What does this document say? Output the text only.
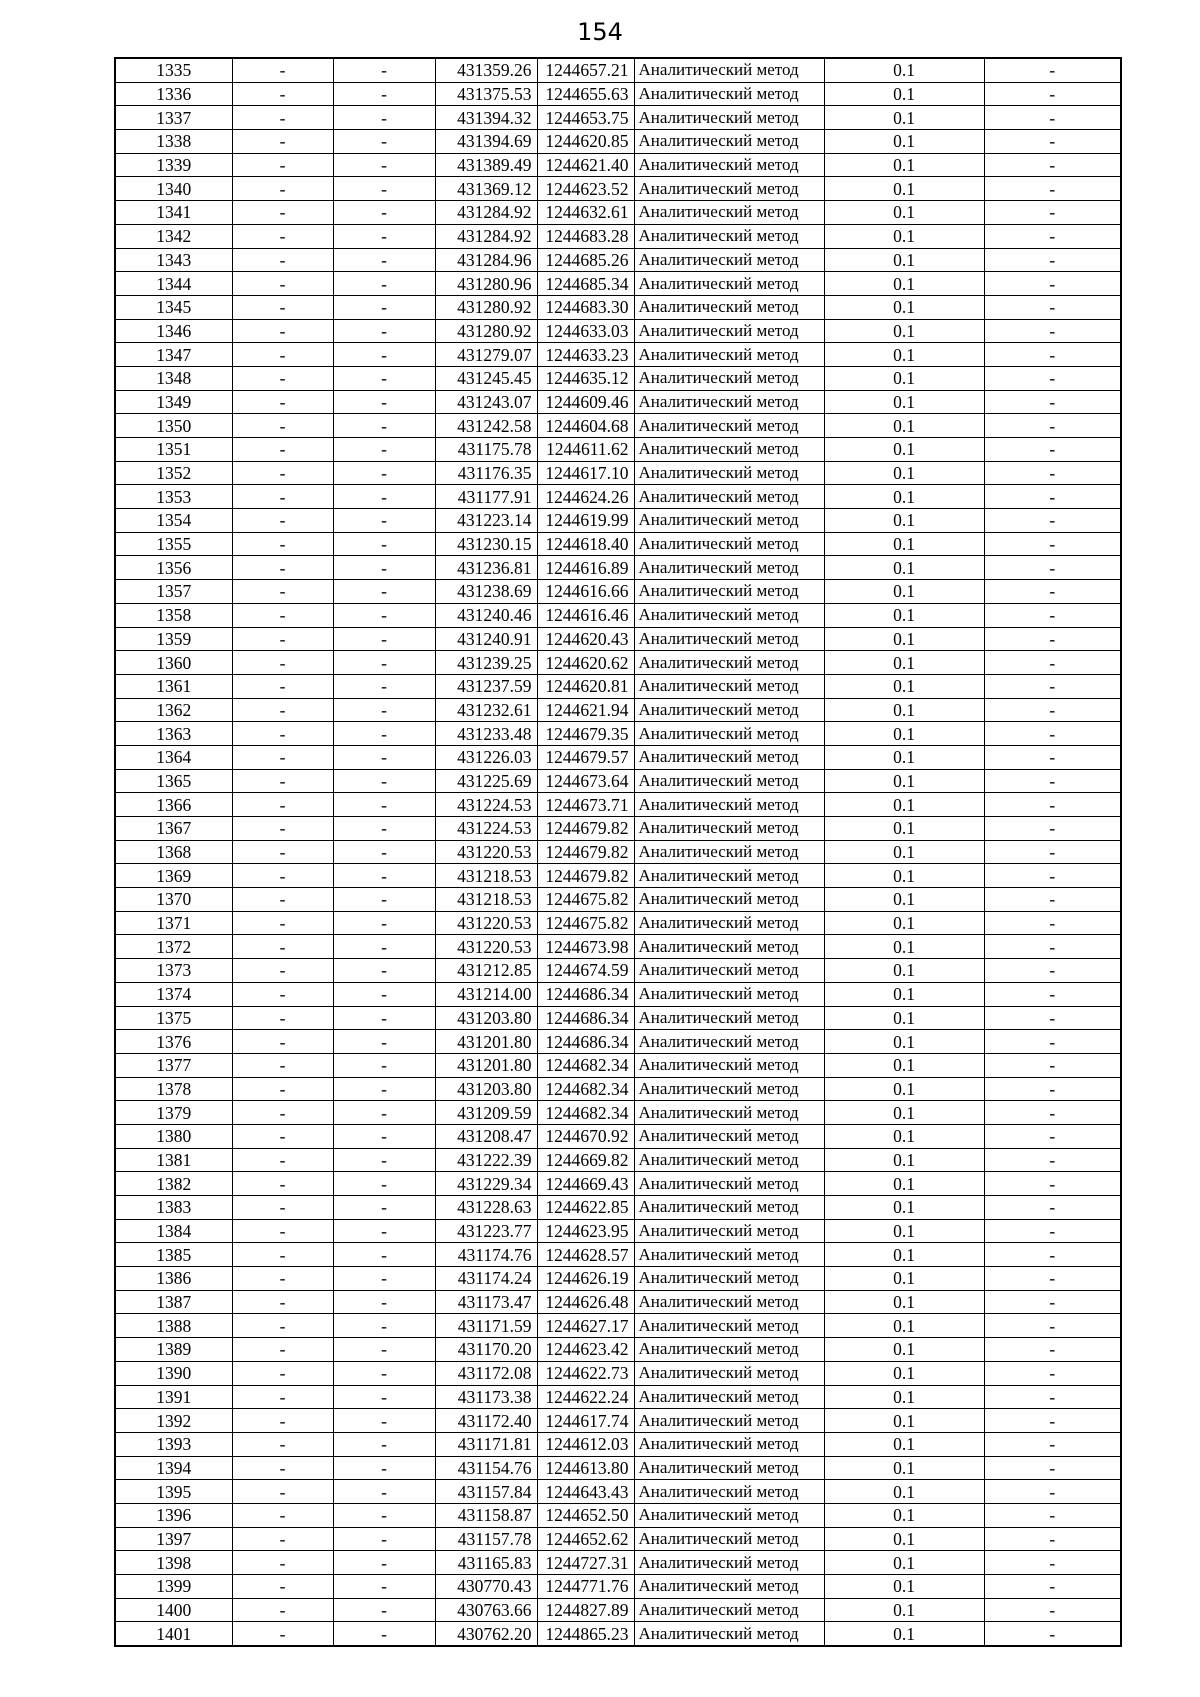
154
1335	-	-	431359.26	1244657.21	Аналитический метод	0.1	-
1336	-	-	431375.53	1244655.63	Аналитический метод	0.1	-
1337	-	-	431394.32	1244653.75	Аналитический метод	0.1	-
1338	-	-	431394.69	1244620.85	Аналитический метод	0.1	-
1339	-	-	431389.49	1244621.40	Аналитический метод	0.1	-
1340	-	-	431369.12	1244623.52	Аналитический метод	0.1	-
1341	-	-	431284.92	1244632.61	Аналитический метод	0.1	-
1342	-	-	431284.92	1244683.28	Аналитический метод	0.1	-
1343	-	-	431284.96	1244685.26	Аналитический метод	0.1	-
1344	-	-	431280.96	1244685.34	Аналитический метод	0.1	-
1345	-	-	431280.92	1244683.30	Аналитический метод	0.1	-
1346	-	-	431280.92	1244633.03	Аналитический метод	0.1	-
1347	-	-	431279.07	1244633.23	Аналитический метод	0.1	-
1348	-	-	431245.45	1244635.12	Аналитический метод	0.1	-
1349	-	-	431243.07	1244609.46	Аналитический метод	0.1	-
1350	-	-	431242.58	1244604.68	Аналитический метод	0.1	-
1351	-	-	431175.78	1244611.62	Аналитический метод	0.1	-
1352	-	-	431176.35	1244617.10	Аналитический метод	0.1	-
1353	-	-	431177.91	1244624.26	Аналитический метод	0.1	-
1354	-	-	431223.14	1244619.99	Аналитический метод	0.1	-
1355	-	-	431230.15	1244618.40	Аналитический метод	0.1	-
1356	-	-	431236.81	1244616.89	Аналитический метод	0.1	-
1357	-	-	431238.69	1244616.66	Аналитический метод	0.1	-
1358	-	-	431240.46	1244616.46	Аналитический метод	0.1	-
1359	-	-	431240.91	1244620.43	Аналитический метод	0.1	-
1360	-	-	431239.25	1244620.62	Аналитический метод	0.1	-
1361	-	-	431237.59	1244620.81	Аналитический метод	0.1	-
1362	-	-	431232.61	1244621.94	Аналитический метод	0.1	-
1363	-	-	431233.48	1244679.35	Аналитический метод	0.1	-
1364	-	-	431226.03	1244679.57	Аналитический метод	0.1	-
1365	-	-	431225.69	1244673.64	Аналитический метод	0.1	-
1366	-	-	431224.53	1244673.71	Аналитический метод	0.1	-
1367	-	-	431224.53	1244679.82	Аналитический метод	0.1	-
1368	-	-	431220.53	1244679.82	Аналитический метод	0.1	-
1369	-	-	431218.53	1244679.82	Аналитический метод	0.1	-
1370	-	-	431218.53	1244675.82	Аналитический метод	0.1	-
1371	-	-	431220.53	1244675.82	Аналитический метод	0.1	-
1372	-	-	431220.53	1244673.98	Аналитический метод	0.1	-
1373	-	-	431212.85	1244674.59	Аналитический метод	0.1	-
1374	-	-	431214.00	1244686.34	Аналитический метод	0.1	-
1375	-	-	431203.80	1244686.34	Аналитический метод	0.1	-
1376	-	-	431201.80	1244686.34	Аналитический метод	0.1	-
1377	-	-	431201.80	1244682.34	Аналитический метод	0.1	-
1378	-	-	431203.80	1244682.34	Аналитический метод	0.1	-
1379	-	-	431209.59	1244682.34	Аналитический метод	0.1	-
1380	-	-	431208.47	1244670.92	Аналитический метод	0.1	-
1381	-	-	431222.39	1244669.82	Аналитический метод	0.1	-
1382	-	-	431229.34	1244669.43	Аналитический метод	0.1	-
1383	-	-	431228.63	1244622.85	Аналитический метод	0.1	-
1384	-	-	431223.77	1244623.95	Аналитический метод	0.1	-
1385	-	-	431174.76	1244628.57	Аналитический метод	0.1	-
1386	-	-	431174.24	1244626.19	Аналитический метод	0.1	-
1387	-	-	431173.47	1244626.48	Аналитический метод	0.1	-
1388	-	-	431171.59	1244627.17	Аналитический метод	0.1	-
1389	-	-	431170.20	1244623.42	Аналитический метод	0.1	-
1390	-	-	431172.08	1244622.73	Аналитический метод	0.1	-
1391	-	-	431173.38	1244622.24	Аналитический метод	0.1	-
1392	-	-	431172.40	1244617.74	Аналитический метод	0.1	-
1393	-	-	431171.81	1244612.03	Аналитический метод	0.1	-
1394	-	-	431154.76	1244613.80	Аналитический метод	0.1	-
1395	-	-	431157.84	1244643.43	Аналитический метод	0.1	-
1396	-	-	431158.87	1244652.50	Аналитический метод	0.1	-
1397	-	-	431157.78	1244652.62	Аналитический метод	0.1	-
1398	-	-	431165.83	1244727.31	Аналитический метод	0.1	-
1399	-	-	430770.43	1244771.76	Аналитический метод	0.1	-
1400	-	-	430763.66	1244827.89	Аналитический метод	0.1	-
1401	-	-	430762.20	1244865.23	Аналитический метод	0.1	-
